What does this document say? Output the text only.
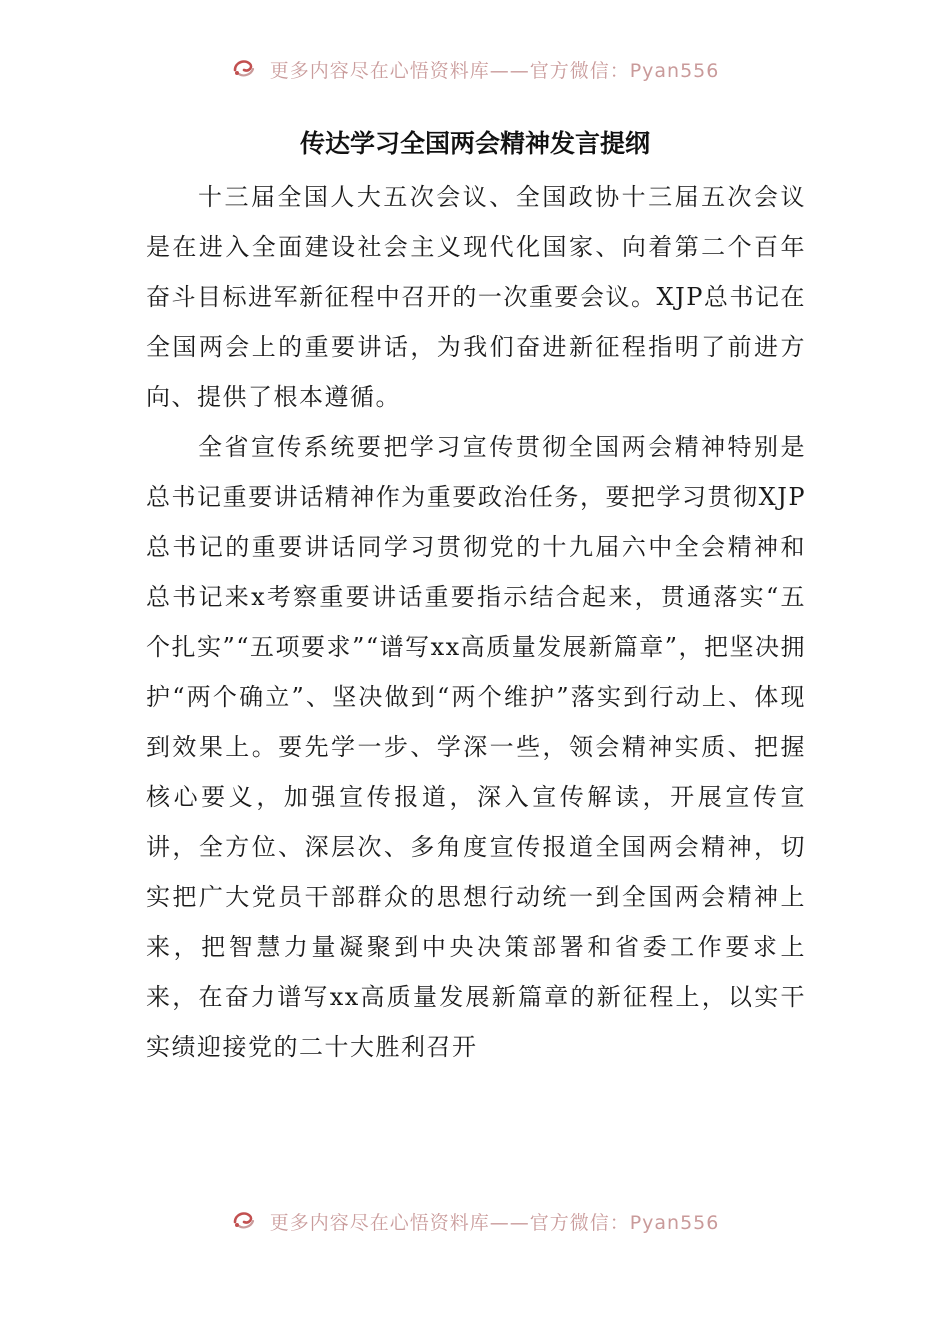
更多内容尽在心悟资料库——官方微信：Pyan556
传达学习全国两会精神发言提纲

十三届全国人大五次会议、全国政协十三届五次会议是在进入全面建设社会主义现代化国家、向着第二个百年奋斗目标进军新征程中召开的一次重要会议。XJP总书记在全国两会上的重要讲话，为我们奋进新征程指明了前进方向、提供了根本遵循。

全省宣传系统要把学习宣传贯彻全国两会精神特别是总书记重要讲话精神作为重要政治任务，要把学习贯彻XJP总书记的重要讲话同学习贯彻党的十九届六中全会精神和总书记来x考察重要讲话重要指示结合起来，贯通落实“五个扎实”“五项要求”“谱写xx高质量发展新篇章”，把坚决拥护“两个确立”、坚决做到“两个维护”落实到行动上、体现到效果上。要先学一步、学深一些，领会精神实质、把握核心要义，加强宣传报道，深入宣传解读，开展宣传宣讲，全方位、深层次、多角度宣传报道全国两会精神，切实把广大党员干部群众的思想行动统一到全国两会精神上来，把智慧力量凝聚到中央决策部署和省委工作要求上来，在奋力谱写xx高质量发展新篇章的新征程上，以实干实绩迎接党的二十大胜利召开

更多内容尽在心悟资料库——官方微信：Pyan556
